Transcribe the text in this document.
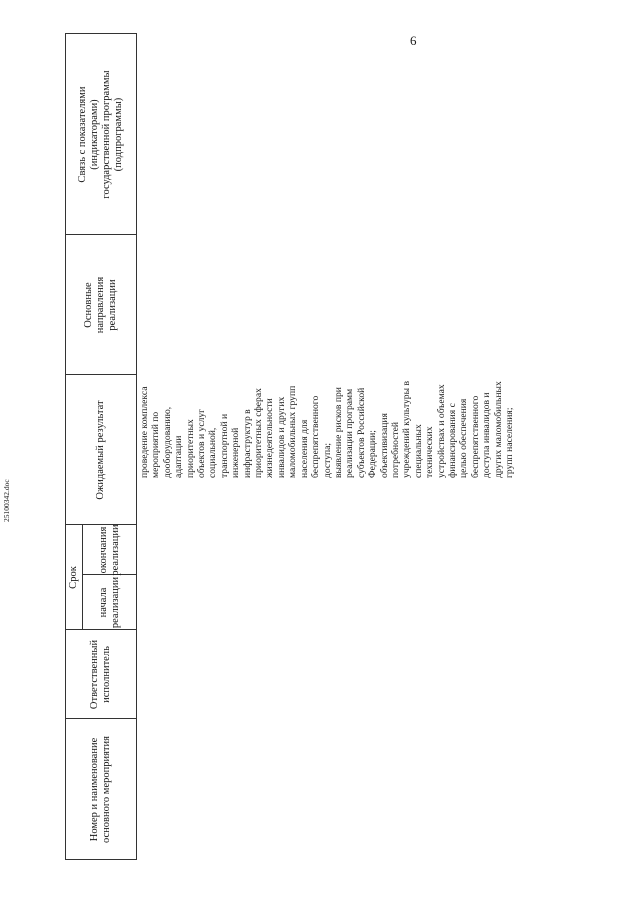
Номер и наименование
основного мероприятия
Ответственный
исполнитель
Срок
начала
реализации
окончания
реализации
Ожидаемый результат
Основные
направления
реализации
Связь с показателями
(индикаторами)
государственной программы
(подпрограммы)
проведение комплекса
мероприятий по
дооборудованию,
адаптации
приоритетных
объектов и услуг
социальной,
транспортной и
инженерной
инфраструктур в
приоритетных сферах
жизнедеятельности
инвалидов и других
маломобильных групп
населения для
беспрепятственного
доступа;
выявление рисков при
реализации программ
субъектов Российской
Федерации;
объективизация
потребностей
учреждений культуры в
специальных
технических
устройствах и объемах
финансирования с
целью обеспечения
беспрепятственного
доступа инвалидов и
других маломобильных
групп населения;
6
25100342.doc
